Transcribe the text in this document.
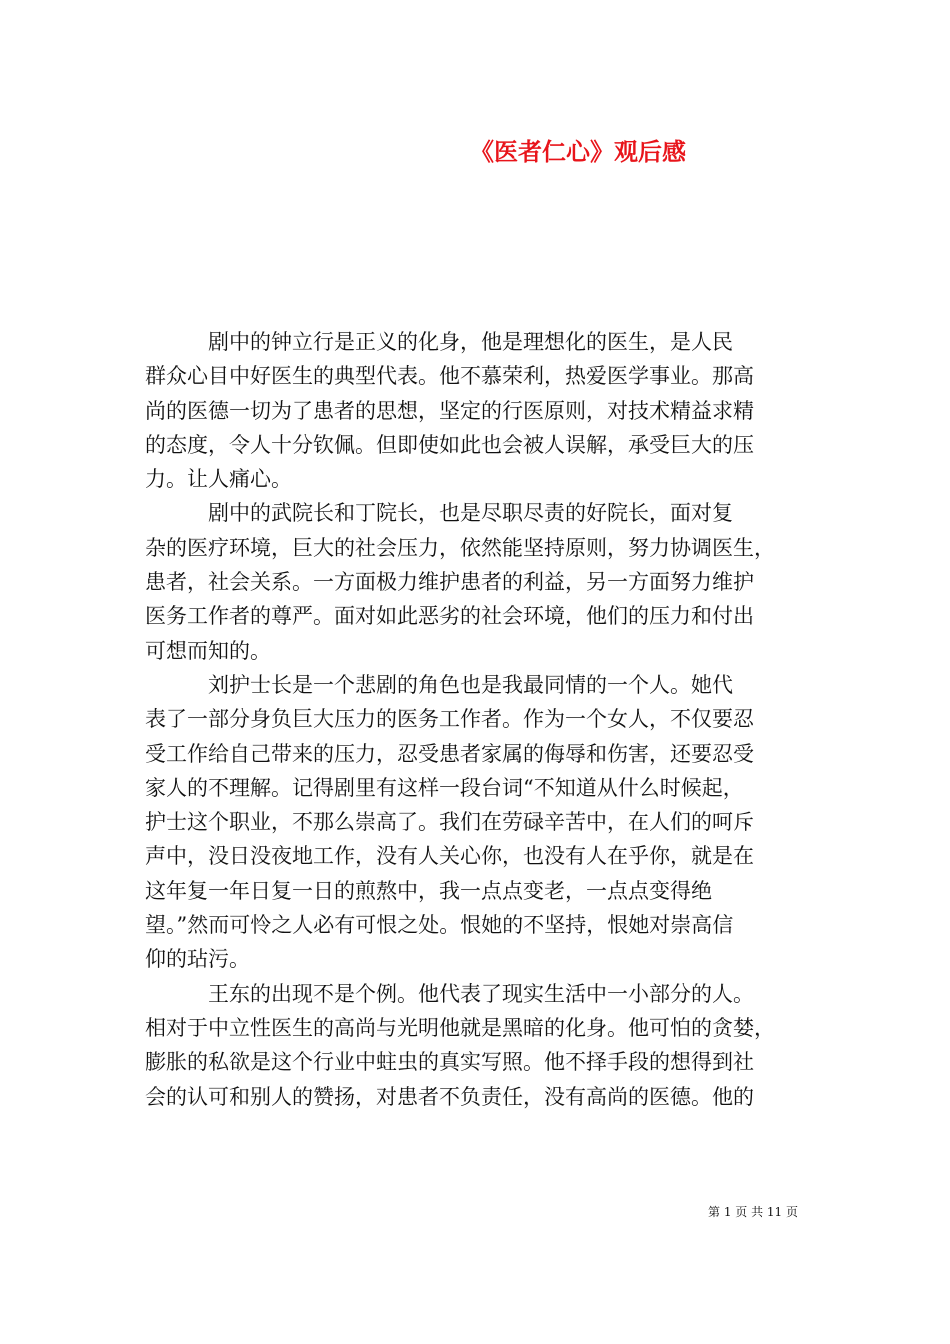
《医者仁心》观后感
　　　剧中的钟立行是正义的化身，他是理想化的医生，是人民
群众心目中好医生的典型代表。他不慕荣利，热爱医学事业。那高
尚的医德一切为了患者的思想，坚定的行医原则，对技术精益求精
的态度，令人十分钦佩。但即使如此也会被人误解，承受巨大的压
力。让人痛心。
　　　剧中的武院长和丁院长，也是尽职尽责的好院长，面对复
杂的医疗环境，巨大的社会压力，依然能坚持原则，努力协调医生，
患者，社会关系。一方面极力维护患者的利益，另一方面努力维护
医务工作者的尊严。面对如此恶劣的社会环境，他们的压力和付出
可想而知的。
　　　刘护士长是一个悲剧的角色也是我最同情的一个人。她代
表了一部分身负巨大压力的医务工作者。作为一个女人，不仅要忍
受工作给自己带来的压力，忍受患者家属的侮辱和伤害，还要忍受
家人的不理解。记得剧里有这样一段台词“不知道从什么时候起，
护士这个职业，不那么崇高了。我们在劳碌辛苦中，在人们的呵斥
声中，没日没夜地工作，没有人关心你，也没有人在乎你，就是在
这年复一年日复一日的煎熬中，我一点点变老，一点点变得绝
望。”然而可怜之人必有可恨之处。恨她的不坚持，恨她对崇高信
仰的玷污。
　　　王东的出现不是个例。他代表了现实生活中一小部分的人。
相对于中立性医生的高尚与光明他就是黑暗的化身。他可怕的贪婪，
膨胀的私欲是这个行业中蛀虫的真实写照。他不择手段的想得到社
会的认可和别人的赞扬，对患者不负责任，没有高尚的医德。他的
第 1 页 共 11 页
